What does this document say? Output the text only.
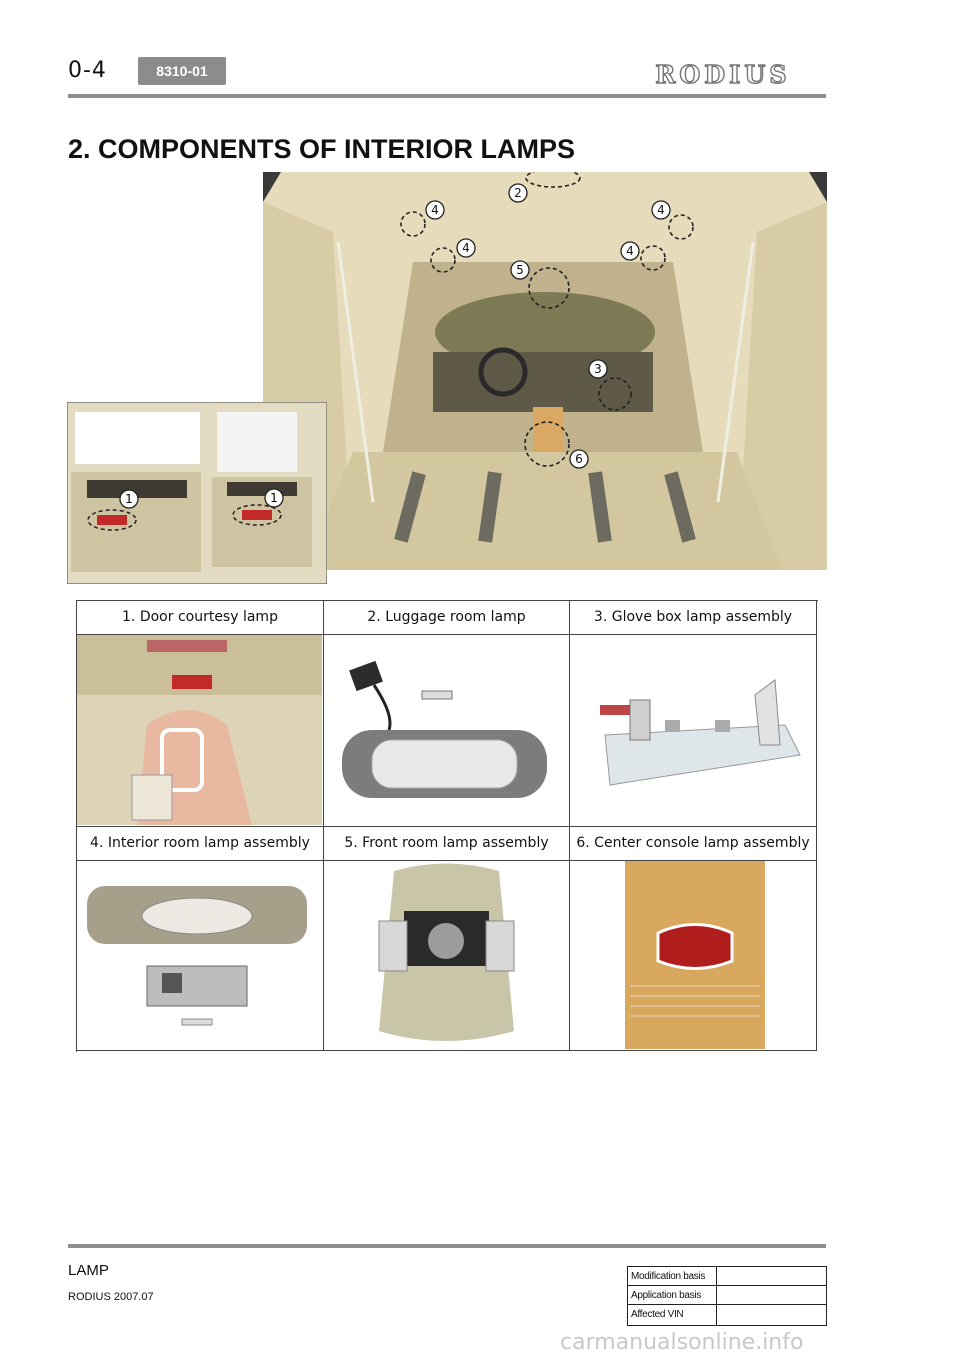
0-4	8310-01	RODIUS
2. COMPONENTS OF INTERIOR LAMPS
2
4	4
4	4
5
3
6
1	1
1. Door courtesy lamp	2. Luggage room lamp	3. Glove box lamp assembly
4. Interior room lamp assembly	5. Front room lamp assembly	6. Center console lamp assembly
LAMP
RODIUS 2007.07
Modification basis
Application basis
Affected VIN
carmanualsonline.info
